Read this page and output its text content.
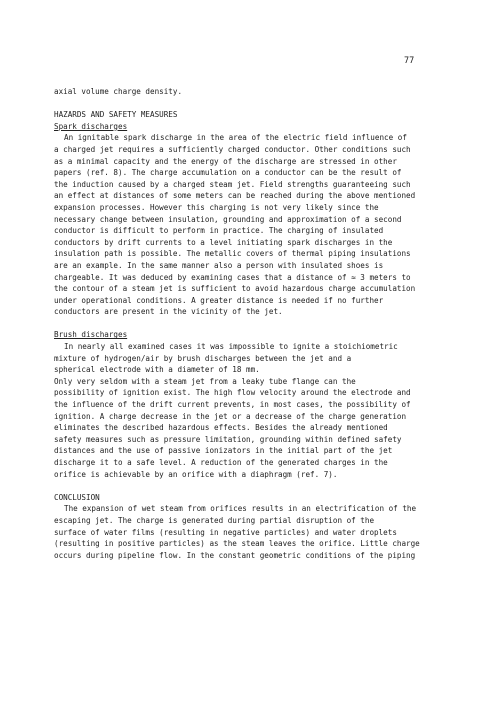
77
axial volume charge density.
HAZARDS AND SAFETY MEASURES
Spark discharges
An ignitable spark discharge in the area of the electric field influence of
a charged jet requires a sufficiently charged conductor. Other conditions such
as a minimal capacity and the energy of the discharge are stressed in other
papers (ref. 8). The charge accumulation on a conductor can be the result of
the induction caused by a charged steam jet. Field strengths guaranteeing such
an effect at distances of some meters can be reached during the above mentioned
expansion processes. However this charging is not very likely since the
necessary change between insulation, grounding and approximation of a second
conductor is difficult to perform in practice. The charging of insulated
conductors by drift currents to a level initiating spark discharges in the
insulation path is possible. The metallic covers of thermal piping insulations
are an example. In the same manner also a person with insulated shoes is
chargeable. It was deduced by examining cases that a distance of ≈ 3 meters to
the contour of a steam jet is sufficient to avoid hazardous charge accumulation
under operational conditions. A greater distance is needed if no further
conductors are present in the vicinity of the jet.
Brush discharges
In nearly all examined cases it was impossible to ignite a stoichiometric
mixture of hydrogen/air by brush discharges between the jet and a
spherical electrode with a diameter of 18 mm.
Only very seldom with a steam jet from a leaky tube flange can the
possibility of ignition exist. The high flow velocity around the electrode and
the influence of the drift current prevents, in most cases, the possibility of
ignition. A charge decrease in the jet or a decrease of the charge generation
eliminates the described hazardous effects. Besides the already mentioned
safety measures such as pressure limitation, grounding within defined safety
distances and the use of passive ionizators in the initial part of the jet
discharge it to a safe level. A reduction of the generated charges in the
orifice is achievable by an orifice with a diaphragm (ref. 7).
CONCLUSION
The expansion of wet steam from orifices results in an electrification of the
escaping jet. The charge is generated during partial disruption of the
surface of water films (resulting in negative particles) and water droplets
(resulting in positive particles) as the steam leaves the orifice. Little charge
occurs during pipeline flow. In the constant geometric conditions of the piping
